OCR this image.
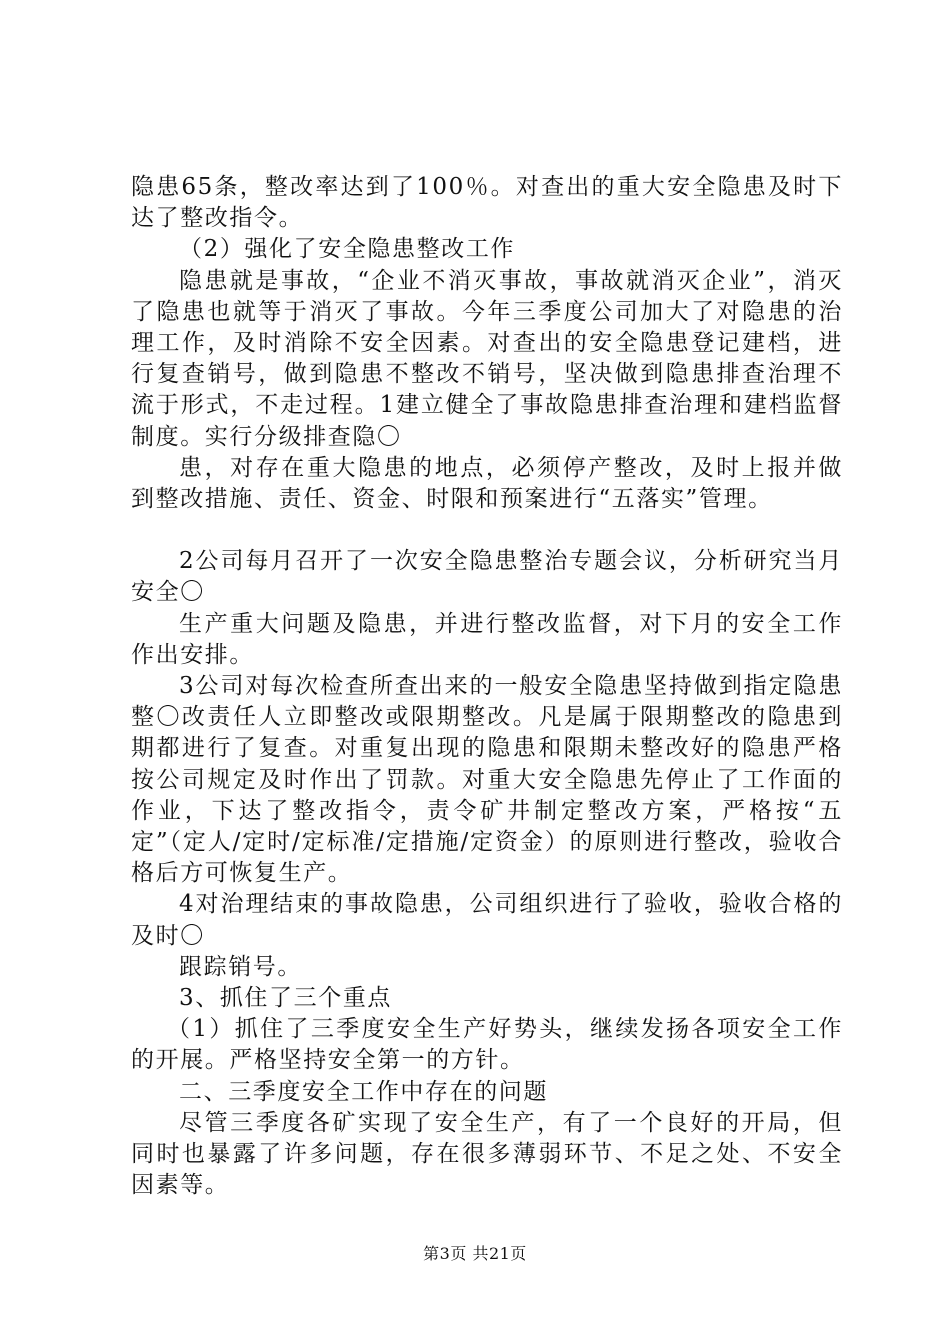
隐患65条，整改率达到了100％。对查出的重大安全隐患及时下达了整改指令。

（2）强化了安全隐患整改工作

隐患就是事故，“企业不消灭事故，事故就消灭企业”，消灭了隐患也就等于消灭了事故。今年三季度公司加大了对隐患的治理工作，及时消除不安全因素。对查出的安全隐患登记建档，进行复查销号，做到隐患不整改不销号，坚决做到隐患排查治理不流于形式，不走过程。1建立健全了事故隐患排查治理和建档监督制度。实行分级排查隐〇

患，对存在重大隐患的地点，必须停产整改，及时上报并做到整改措施、责任、资金、时限和预案进行“五落实”管理。

2公司每月召开了一次安全隐患整治专题会议，分析研究当月安全〇

生产重大问题及隐患，并进行整改监督，对下月的安全工作作出安排。

3公司对每次检查所查出来的一般安全隐患坚持做到指定隐患整〇改责任人立即整改或限期整改。凡是属于限期整改的隐患到期都进行了复查。对重复出现的隐患和限期未整改好的隐患严格按公司规定及时作出了罚款。对重大安全隐患先停止了工作面的作业，下达了整改指令，责令矿井制定整改方案，严格按“五定”（定人/定时/定标准/定措施/定资金）的原则进行整改，验收合格后方可恢复生产。

4对治理结束的事故隐患，公司组织进行了验收，验收合格的及时〇

跟踪销号。

3、抓住了三个重点

（1）抓住了三季度安全生产好势头，继续发扬各项安全工作的开展。严格坚持安全第一的方针。

二、三季度安全工作中存在的问题

尽管三季度各矿实现了安全生产，有了一个良好的开局，但同时也暴露了许多问题，存在很多薄弱环节、不足之处、不安全因素等。

第3页 共21页
